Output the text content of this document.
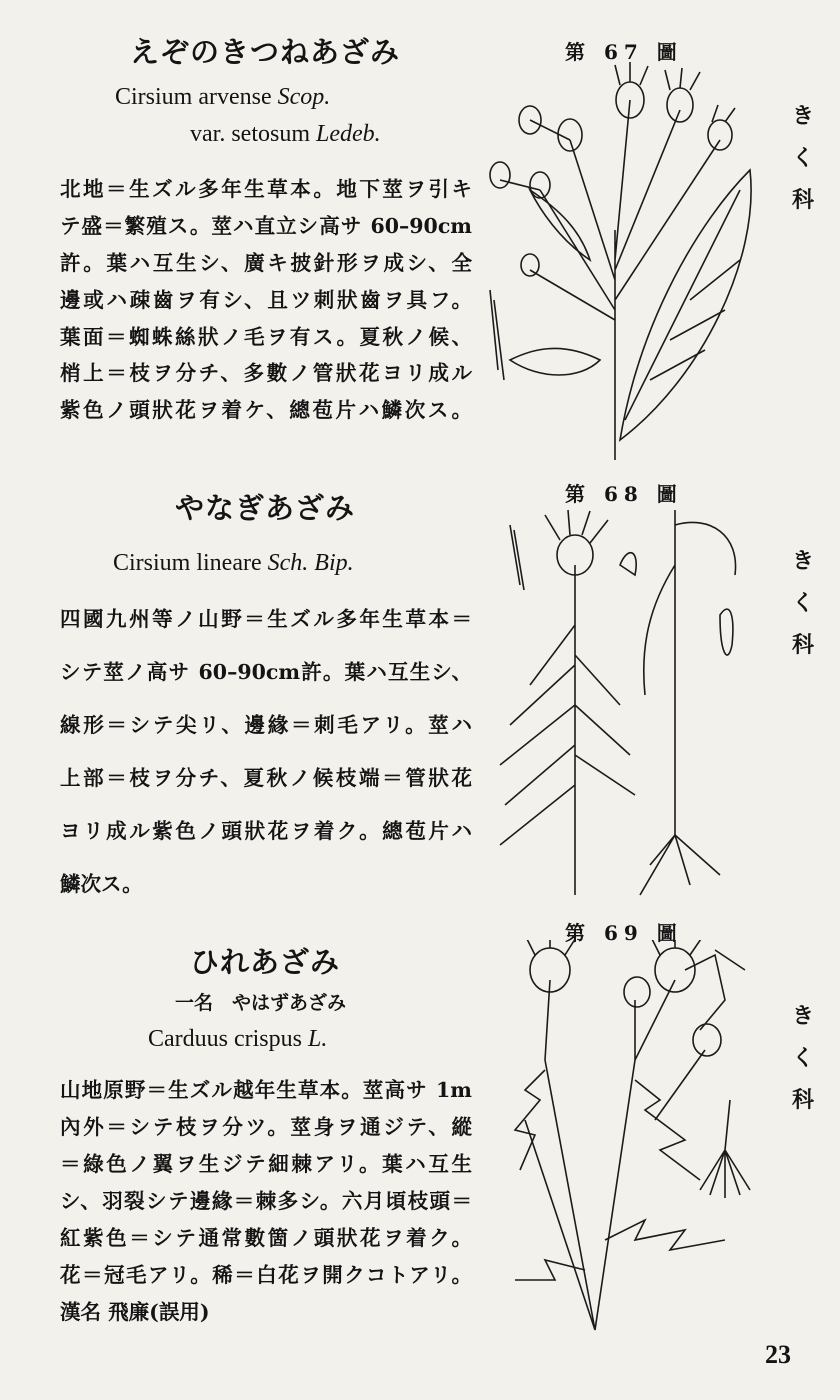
えぞのきつねあざみ
Cirsium arvense Scop.
var. setosum Ledeb.
北地＝生ズル多年生草本。地下莖ヲ引キ
テ盛＝繁殖ス。莖ハ直立シ高サ 60–90cm
許。葉ハ互生シ、廣キ披針形ヲ成シ、全
邊或ハ疎齒ヲ有シ、且ツ刺狀齒ヲ具フ。
葉面＝蜘蛛絲狀ノ毛ヲ有ス。夏秋ノ候、
梢上＝枝ヲ分チ、多數ノ管狀花ヨリ成ル
紫色ノ頭狀花ヲ着ケ、總苞片ハ鱗次ス。
第 67 圖
き
く
科
やなぎあざみ
Cirsium lineare Sch. Bip.
四國九州等ノ山野＝生ズル多年生草本＝
シテ莖ノ高サ 60–90cm許。葉ハ互生シ、
線形＝シテ尖リ、邊緣＝刺毛アリ。莖ハ
上部＝枝ヲ分チ、夏秋ノ候枝端＝管狀花
ヨリ成ル紫色ノ頭狀花ヲ着ク。總苞片ハ
鱗次ス。
第 68 圖
き
く
科
ひれあざみ
一名　やはずあざみ
Carduus crispus L.
山地原野＝生ズル越年生草本。莖高サ 1m
內外＝シテ枝ヲ分ツ。莖身ヲ通ジテ、縱
＝綠色ノ翼ヲ生ジテ細棘アリ。葉ハ互生
シ、羽裂シテ邊緣＝棘多シ。六月頃枝頭＝
紅紫色＝シテ通常數箇ノ頭狀花ヲ着ク。
花＝冠毛アリ。稀＝白花ヲ開クコトアリ。
漢名 飛廉(誤用)
第 69 圖
き
く
科
23
